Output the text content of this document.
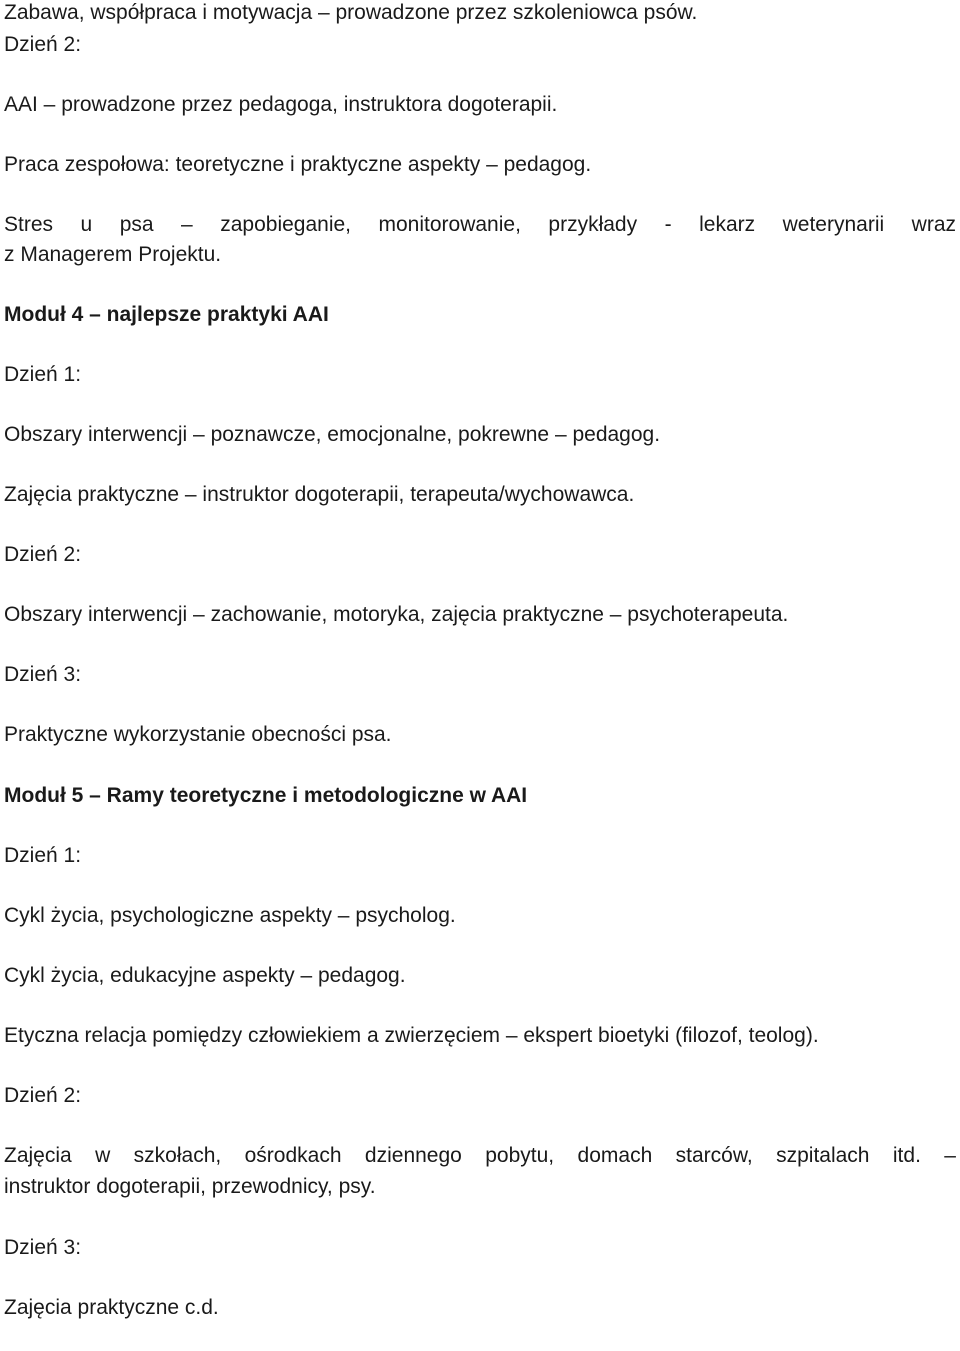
Zabawa, współpraca i motywacja – prowadzone przez szkoleniowca psów.
Dzień 2:
AAI – prowadzone przez pedagoga, instruktora dogoterapii.
Praca zespołowa: teoretyczne i praktyczne aspekty – pedagog.
Stres u psa – zapobieganie, monitorowanie, przykłady - lekarz weterynarii wraz
z Managerem Projektu.
Moduł 4 – najlepsze praktyki AAI
Dzień 1:
Obszary interwencji – poznawcze, emocjonalne, pokrewne – pedagog.
Zajęcia praktyczne – instruktor dogoterapii, terapeuta/wychowawca.
Dzień 2:
Obszary interwencji – zachowanie, motoryka, zajęcia praktyczne – psychoterapeuta.
Dzień 3:
Praktyczne wykorzystanie obecności psa.
Moduł 5 – Ramy teoretyczne i metodologiczne w AAI
Dzień 1:
Cykl życia, psychologiczne aspekty – psycholog.
Cykl życia, edukacyjne aspekty – pedagog.
Etyczna relacja pomiędzy człowiekiem a zwierzęciem – ekspert bioetyki (filozof, teolog).
Dzień 2:
Zajęcia w szkołach, ośrodkach dziennego pobytu, domach starców, szpitalach itd. –
instruktor dogoterapii, przewodnicy, psy.
Dzień 3:
Zajęcia praktyczne c.d.
